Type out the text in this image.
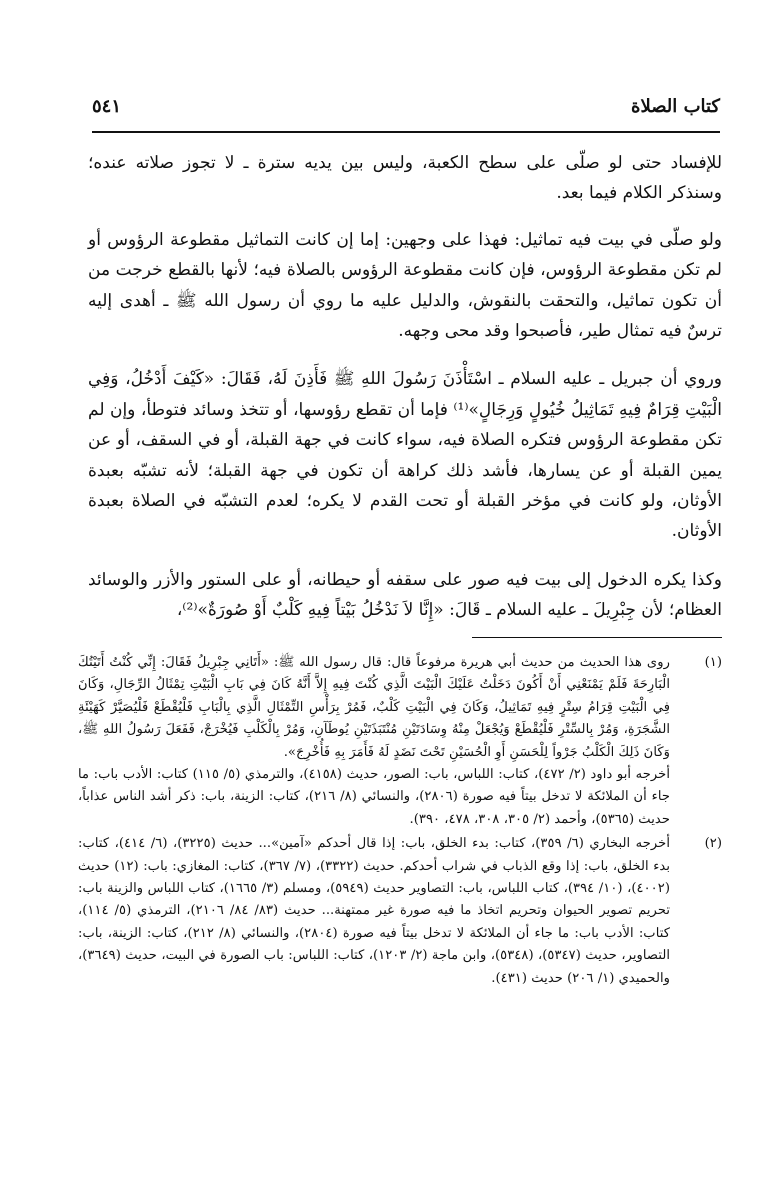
كتاب الصلاة
٥٤١

للإفساد حتى لو صلّى على سطح الكعبة، وليس بين يديه سترة ـ لا تجوز صلاته عنده؛ وسنذكر الكلام فيما بعد.

ولو صلّى في بيت فيه تماثيل: فهذا على وجهين: إما إن كانت التماثيل مقطوعة الرؤوس أو لم تكن مقطوعة الرؤوس، فإن كانت مقطوعة الرؤوس بالصلاة فيه؛ لأنها بالقطع خرجت من أن تكون تماثيل، والتحقت بالنقوش، والدليل عليه ما روي أن رسول الله ﷺ ـ أهدى إليه ترسٌ فيه تمثال طير، فأصبحوا وقد محى وجهه.

وروي أن جبريل ـ عليه السلام ـ اسْتَأْذَنَ رَسُولَ اللهِ ﷺ فَأَذِنَ لَهُ، فَقَالَ: «كَيْفَ أَدْخُلُ، وَفِي الْبَيْتِ قِرَامٌ فِيهِ تَمَاثِيلُ خُيُولٍ وَرِجَالٍ»⁽¹⁾ فإما أن تقطع رؤوسها، أو تتخذ وسائد فتوطأ، وإن لم تكن مقطوعة الرؤوس فتكره الصلاة فيه، سواء كانت في جهة القبلة، أو في السقف، أو عن يمين القبلة أو عن يسارها، فأشد ذلك كراهة أن تكون في جهة القبلة؛ لأنه تشبّه بعبدة الأوثان، ولو كانت في مؤخر القبلة أو تحت القدم لا يكره؛ لعدم التشبّه في الصلاة بعبدة الأوثان.

وكذا يكره الدخول إلى بيت فيه صور على سقفه أو حيطانه، أو على الستور والأزر والوسائد العظام؛ لأن جِبْرِيلَ ـ عليه السلام ـ قَالَ: «إِنَّا لاَ نَدْخُلُ بَيْتاً فِيهِ كَلْبٌ أَوْ صُورَةٌ»⁽²⁾،

(١)

روى هذا الحديث من حديث أبي هريرة مرفوعاً قال: قال رسول الله ﷺ: «أَتَانِي جِبْرِيلُ فَقَالَ: إِنِّي كُنْتُ أَتَيْتُكَ الْبَارِحَةَ فَلَمْ يَمْنَعْنِي أَنْ أَكُونَ دَخَلْتُ عَلَيْكَ الْبَيْتَ الَّذِي كُنْتَ فِيهِ إِلاَّ أَنَّهُ كَانَ فِي بَابِ الْبَيْتِ تِمْثَالُ الرِّجَالِ، وَكَانَ فِي الْبَيْتِ قِرَامُ سِتْرٍ فِيهِ تَمَاثِيلُ، وَكَانَ فِي الْبَيْتِ كَلْبٌ، فَمُرْ بِرَأْسِ التِّمْثَالِ الَّذِي بِالْبَابِ فَلْيُقْطَعْ فَلْيُصَيَّرْ كَهَيْئَةِ الشَّجَرَةِ، وَمُرْ بِالسِّتْرِ فَلْيُقْطَعْ وَيُجْعَلْ مِنْهُ وِسَادَتَيْنِ مُنْتَبَذَتَيْنِ يُوطَآنِ، وَمُرْ بِالْكَلْبِ فَيُخْرَجْ، فَفَعَلَ رَسُولُ اللهِ ﷺ، وَكَانَ ذَلِكَ الْكَلْبُ جَرْواً لِلْحَسَنِ أَوِ الْحُسَيْنِ تَحْتَ نَضَدٍ لَهُ فَأَمَرَ بِهِ فَأُخْرِجَ».

أخرجه أبو داود (٢/ ٤٧٢)، كتاب: اللباس، باب: الصور، حديث (٤١٥٨)، والترمذي (٥/ ١١٥) كتاب: الأدب باب: ما جاء أن الملائكة لا تدخل بيتاً فيه صورة (٢٨٠٦)، والنسائي (٨/ ٢١٦)، كتاب: الزينة، باب: ذكر أشد الناس عذاباً، حديث (٥٣٦٥)، وأحمد (٢/ ٣٠٥، ٣٠٨، ٤٧٨، ٣٩٠).

(٢)

أخرجه البخاري (٦/ ٣٥٩)، كتاب: بدء الخلق، باب: إذا قال أحدكم «آمين»... حديث (٣٢٢٥)، (٦/ ٤١٤)، كتاب: بدء الخلق، باب: إذا وقع الذباب في شراب أحدكم. حديث (٣٣٢٢)، (٧/ ٣٦٧)، كتاب: المغازي: باب: (١٢) حديث (٤٠٠٢)، (١٠/ ٣٩٤)، كتاب اللباس، باب: التصاوير حديث (٥٩٤٩)، ومسلم (٣/ ١٦٦٥)، كتاب اللباس والزينة باب: تحريم تصوير الحيوان وتحريم اتخاذ ما فيه صورة غير ممتهنة... حديث (٨٣/ ٨٤/ ٢١٠٦)، الترمذي (٥/ ١١٤)، كتاب: الأدب باب: ما جاء أن الملائكة لا تدخل بيتاً فيه صورة (٢٨٠٤)، والنسائي (٨/ ٢١٢)، كتاب: الزينة، باب: التصاوير، حديث (٥٣٤٧)، (٥٣٤٨)، وابن ماجة (٢/ ١٢٠٣)، كتاب: اللباس: باب الصورة في البيت، حديث (٣٦٤٩)، والحميدي (١/ ٢٠٦) حديث (٤٣١).
